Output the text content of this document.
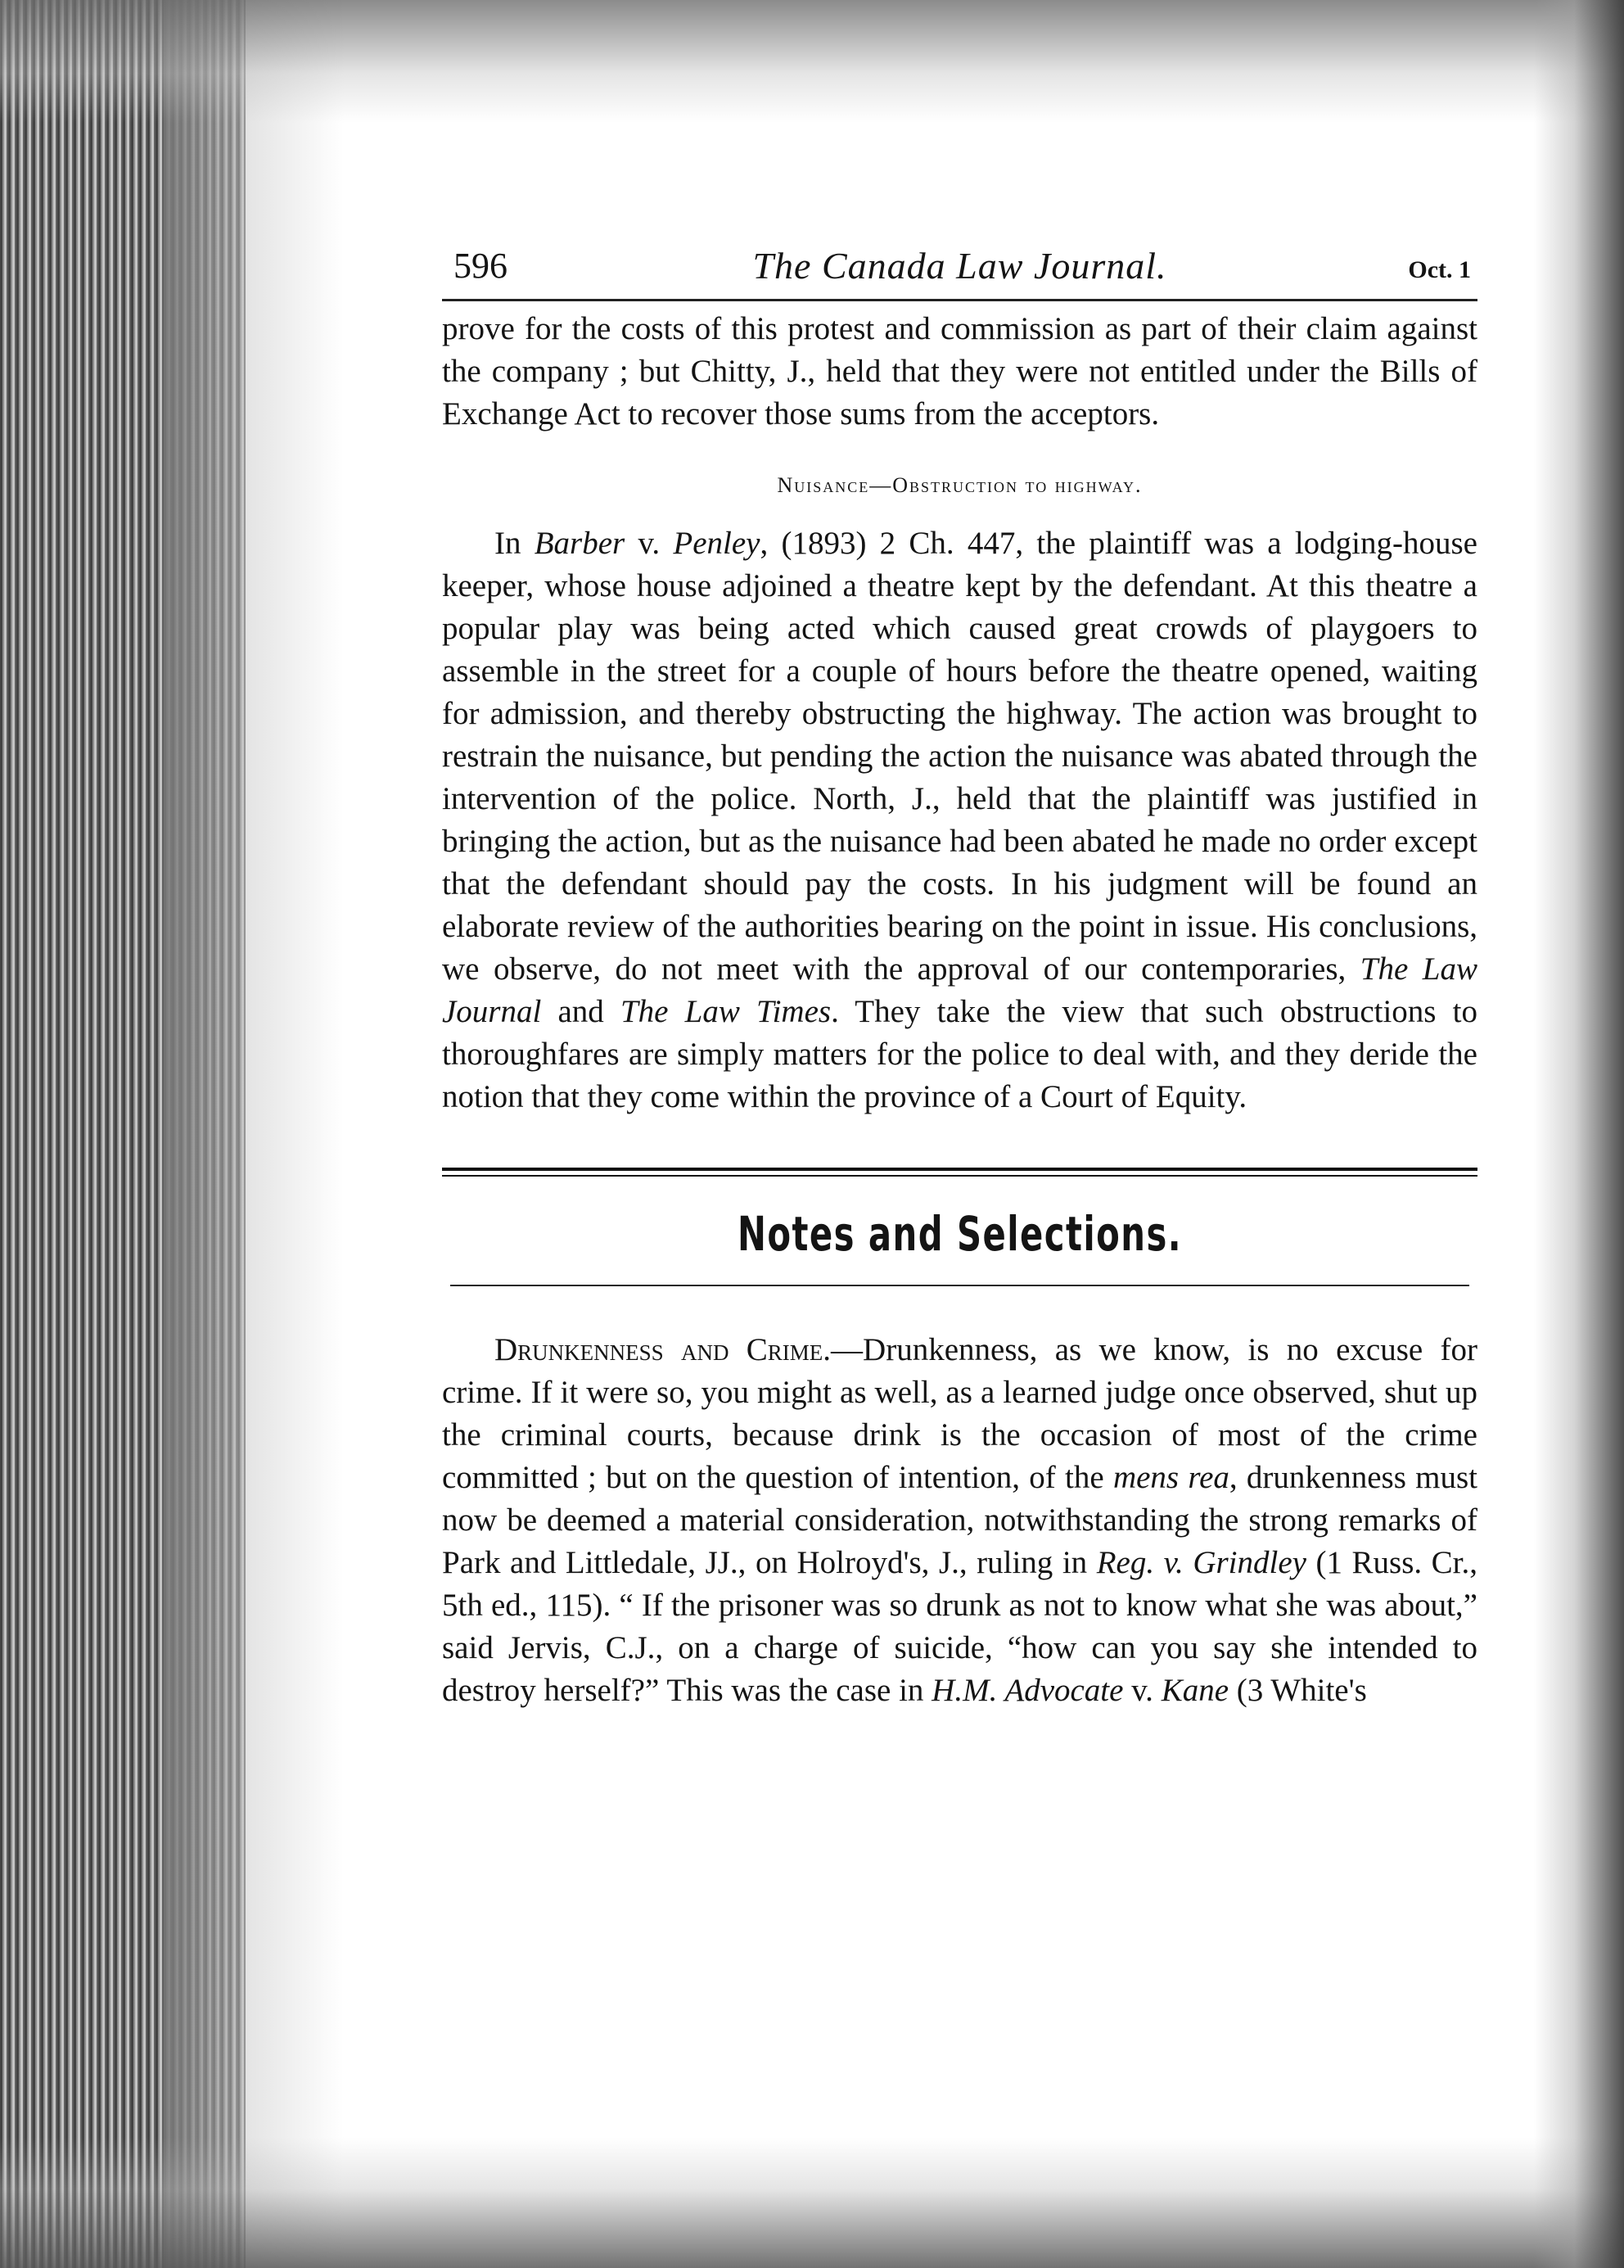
596	The Canada Law Journal.	Oct. 1

prove for the costs of this protest and commission as part of their claim against the company ; but Chitty, J., held that they were not entitled under the Bills of Exchange Act to recover those sums from the acceptors.

Nuisance—Obstruction to highway.

In Barber v. Penley, (1893) 2 Ch. 447, the plaintiff was a lodging-house keeper, whose house adjoined a theatre kept by the defendant. At this theatre a popular play was being acted which caused great crowds of playgoers to assemble in the street for a couple of hours before the theatre opened, waiting for admission, and thereby obstructing the highway. The action was brought to restrain the nuisance, but pending the action the nuisance was abated through the intervention of the police. North, J., held that the plaintiff was justified in bringing the action, but as the nuisance had been abated he made no order except that the defendant should pay the costs. In his judgment will be found an elaborate review of the authorities bearing on the point in issue. His conclusions, we observe, do not meet with the approval of our contemporaries, The Law Journal and The Law Times. They take the view that such obstructions to thoroughfares are simply matters for the police to deal with, and they deride the notion that they come within the province of a Court of Equity.

Notes and Selections.

Drunkenness and Crime.—Drunkenness, as we know, is no excuse for crime. If it were so, you might as well, as a learned judge once observed, shut up the criminal courts, because drink is the occasion of most of the crime committed ; but on the question of intention, of the mens rea, drunkenness must now be deemed a material consideration, notwithstanding the strong remarks of Park and Littledale, JJ., on Holroyd's, J., ruling in Reg. v. Grindley (1 Russ. Cr., 5th ed., 115). “ If the prisoner was so drunk as not to know what she was about,” said Jervis, C.J., on a charge of suicide, “how can you say she intended to destroy herself?” This was the case in H.M. Advocate v. Kane (3 White's
